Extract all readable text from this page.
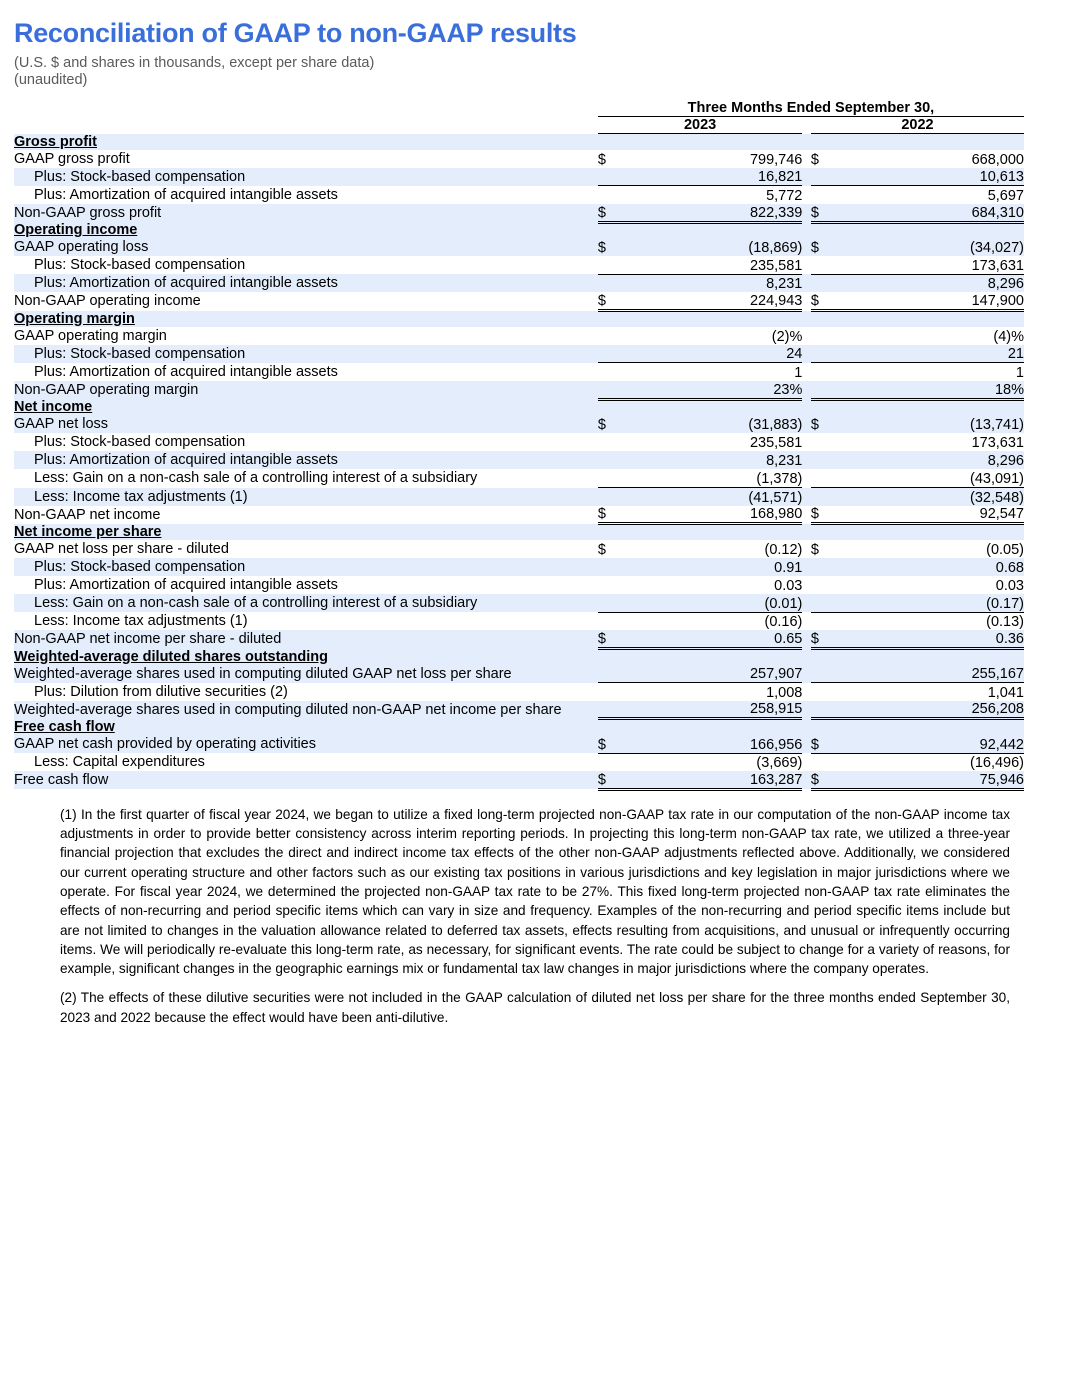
Reconciliation of GAAP to non-GAAP results
(U.S. $ and shares in thousands, except per share data)
(unaudited)
	Three Months Ended September 30,				
	2023			2022	
Gross profit					
GAAP gross profit	$	799,746		$	668,000
Plus: Stock-based compensation		16,821			10,613
Plus: Amortization of acquired intangible assets		5,772			5,697
Non-GAAP gross profit	$	822,339		$	684,310
Operating income					
GAAP operating loss	$	(18,869)		$	(34,027)
Plus: Stock-based compensation		235,581			173,631
Plus: Amortization of acquired intangible assets		8,231			8,296
Non-GAAP operating income	$	224,943		$	147,900
Operating margin					
GAAP operating margin		(2)%			(4)%
Plus: Stock-based compensation		24			21
Plus: Amortization of acquired intangible assets		1			1
Non-GAAP operating margin		23%			18%
Net income					
GAAP net loss	$	(31,883)		$	(13,741)
Plus: Stock-based compensation		235,581			173,631
Plus: Amortization of acquired intangible assets		8,231			8,296
Less: Gain on a non-cash sale of a controlling interest of a subsidiary		(1,378)			(43,091)
Less: Income tax adjustments (1)		(41,571)			(32,548)
Non-GAAP net income	$	168,980		$	92,547
Net income per share					
GAAP net loss per share - diluted	$	(0.12)		$	(0.05)
Plus: Stock-based compensation		0.91			0.68
Plus: Amortization of acquired intangible assets		0.03			0.03
Less: Gain on a non-cash sale of a controlling interest of a subsidiary		(0.01)			(0.17)
Less: Income tax adjustments (1)		(0.16)			(0.13)
Non-GAAP net income per share - diluted	$	0.65		$	0.36
Weighted-average diluted shares outstanding					
Weighted-average shares used in computing diluted GAAP net loss per share		257,907			255,167
Plus: Dilution from dilutive securities (2)		1,008			1,041
Weighted-average shares used in computing diluted non-GAAP net income per share		258,915			256,208
Free cash flow					
GAAP net cash provided by operating activities	$	166,956		$	92,442
Less: Capital expenditures		(3,669)			(16,496)
Free cash flow	$	163,287		$	75,946

(1) In the first quarter of fiscal year 2024, we began to utilize a fixed long-term projected non-GAAP tax rate in our computation of the non-GAAP income tax adjustments in order to provide better consistency across interim reporting periods. In projecting this long-term non-GAAP tax rate, we utilized a three-year financial projection that excludes the direct and indirect income tax effects of the other non-GAAP adjustments reflected above. Additionally, we considered our current operating structure and other factors such as our existing tax positions in various jurisdictions and key legislation in major jurisdictions where we operate. For fiscal year 2024, we determined the projected non-GAAP tax rate to be 27%. This fixed long-term projected non-GAAP tax rate eliminates the effects of non-recurring and period specific items which can vary in size and frequency. Examples of the non-recurring and period specific items include but are not limited to changes in the valuation allowance related to deferred tax assets, effects resulting from acquisitions, and unusual or infrequently occurring items. We will periodically re-evaluate this long-term rate, as necessary, for significant events. The rate could be subject to change for a variety of reasons, for example, significant changes in the geographic earnings mix or fundamental tax law changes in major jurisdictions where the company operates.

(2) The effects of these dilutive securities were not included in the GAAP calculation of diluted net loss per share for the three months ended September 30, 2023 and 2022 because the effect would have been anti-dilutive.
